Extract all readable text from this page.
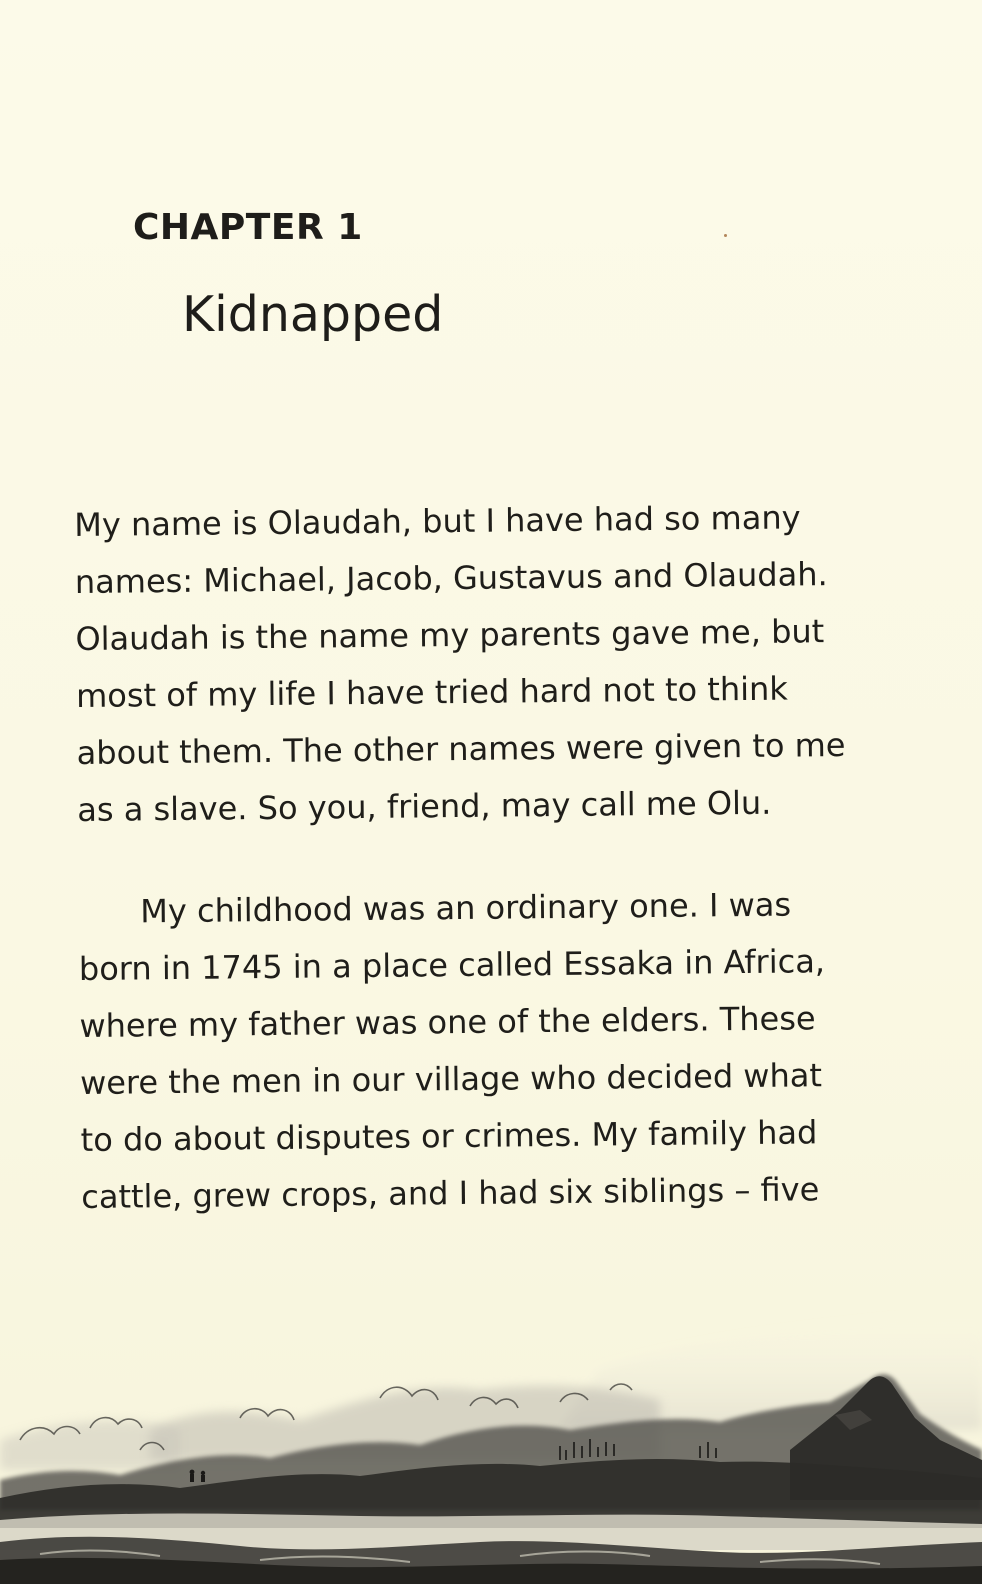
CHAPTER 1
Kidnapped
My name is Olaudah, but I have had so many
names: Michael, Jacob, Gustavus and Olaudah.
Olaudah is the name my parents gave me, but
most of my life I have tried hard not to think
about them. The other names were given to me
as a slave. So you, friend, may call me Olu.
My childhood was an ordinary one. I was
born in 1745 in a place called Essaka in Africa,
where my father was one of the elders. These
were the men in our village who decided what
to do about disputes or crimes. My family had
cattle, grew crops, and I had six siblings – five
